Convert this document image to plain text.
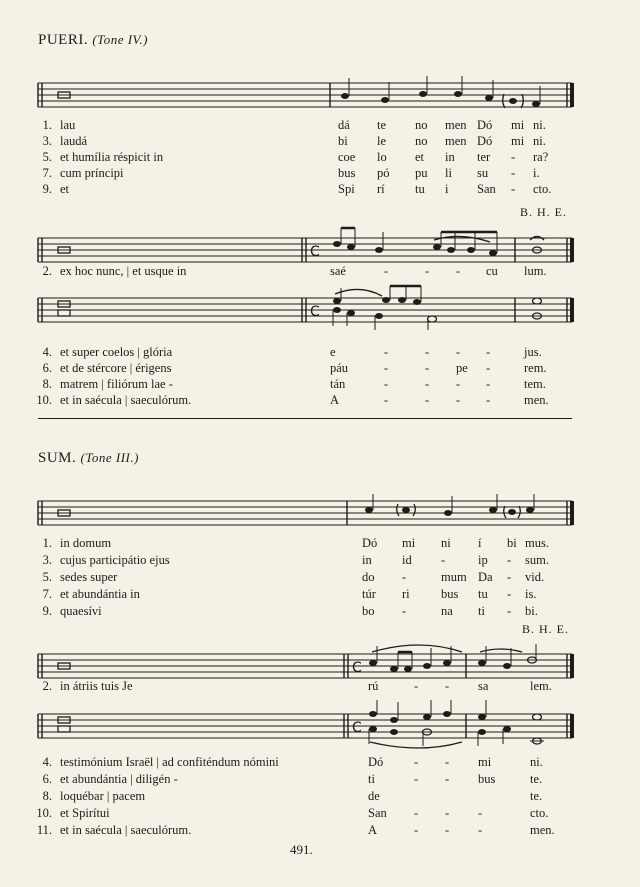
PUERI. (Tone IV.)
1. lau	dá te no men Dó mi ni.
3. laudá	bi le no men Dó mi ni.
5. et humília réspicit in	coe lo et in ter - ra?
7. cum príncipi	bus pó pu li su - i.
9. et	Spi rí tu i San - cto.
B. H. E.
C
2. ex hoc nunc, | et usque in	saé	-	- - cu lum.
C
4. et super coelos | glória	e	-	- - -	jus.
6. et de stércore | érigens	páu	-	- pe -	rem.
8. matrem | filiórum lae -	tán	-	- - -	tem.
10. et in saécula | saeculórum.	A	-	- - -	men.
SUM. (Tone III.)
1. in domum	Dó mi ni í bi mus.
3. cujus participátio ejus	in id -	ip - sum.
5. sedes super	do -	mum Da - vid.
7. et abundántia in	túr ri	bus tu - is.
9. quaesívi	bo -	na ti - bi.
B. H. E.
C
2. in átriis tuis Je	rú	- - sa	lem.
C
4. testimónium Israël | ad confiténdum nómini	Dó - - mi	ni.
6. et abundántia | diligén -	ti	- - bus	te.
8. loquébar | pacem	de	te.
10. et Spirítui	San - - -	cto.
11. et in saécula | saeculórum.	A	- - -	men.
491.
